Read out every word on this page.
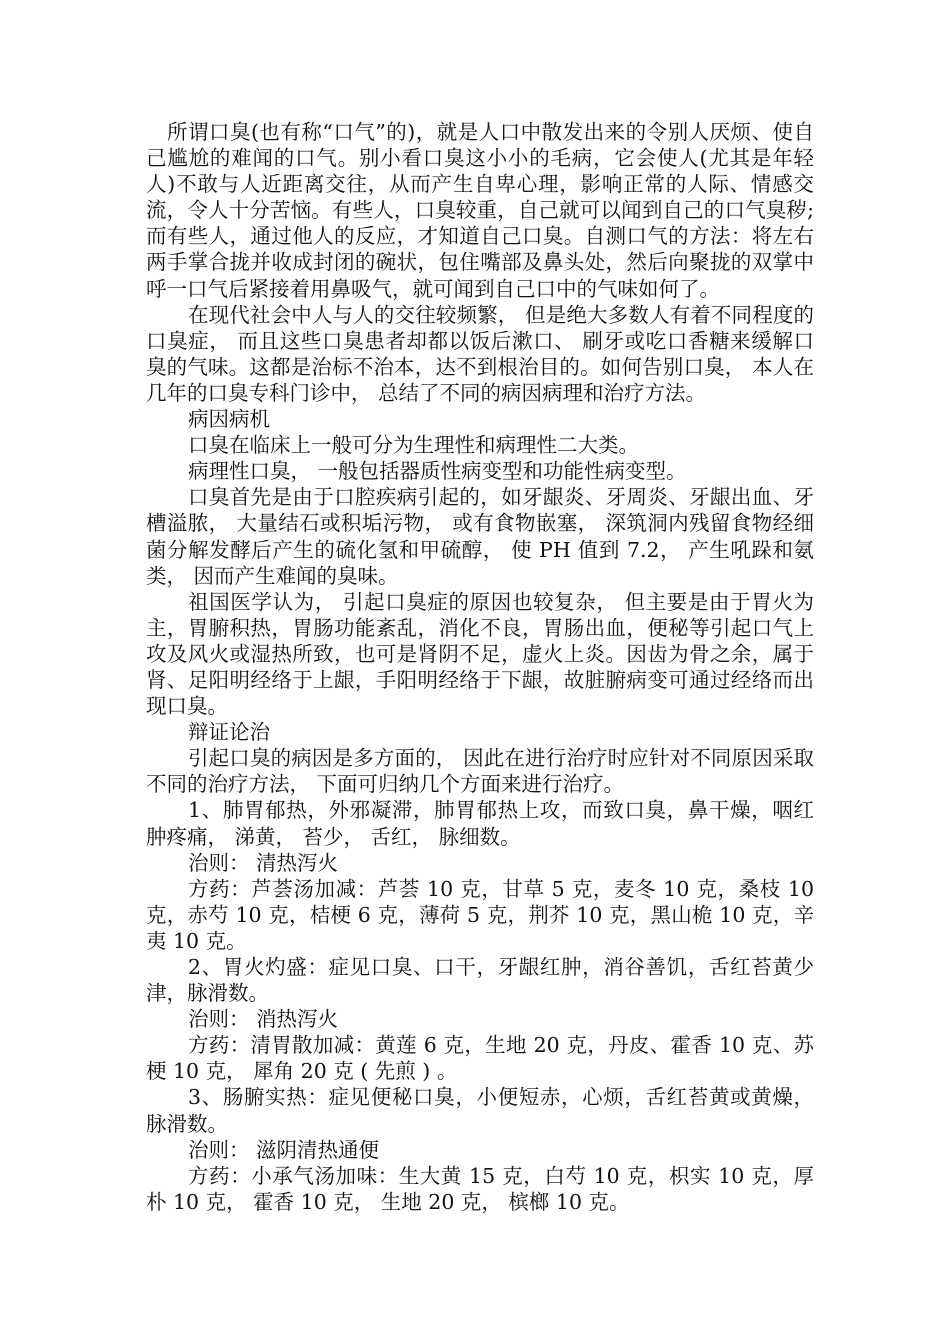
所谓口臭(也有称“口气”的)，就是人口中散发出来的令别人厌烦、使自己尴尬的难闻的口气。别小看口臭这小小的毛病，它会使人(尤其是年轻人)不敢与人近距离交往，从而产生自卑心理，影响正常的人际、情感交流，令人十分苦恼。有些人，口臭较重，自己就可以闻到自己的口气臭秽;而有些人，通过他人的反应，才知道自己口臭。自测口气的方法：将左右两手掌合拢并收成封闭的碗状，包住嘴部及鼻头处，然后向聚拢的双掌中呼一口气后紧接着用鼻吸气，就可闻到自己口中的气味如何了。

在现代社会中人与人的交往较频繁， 但是绝大多数人有着不同程度的口臭症， 而且这些口臭患者却都以饭后漱口、 刷牙或吃口香糖来缓解口臭的气味。这都是治标不治本，达不到根治目的。如何告别口臭， 本人在几年的口臭专科门诊中， 总结了不同的病因病理和治疗方法。

病因病机

口臭在临床上一般可分为生理性和病理性二大类。

病理性口臭， 一般包括器质性病变型和功能性病变型。

口臭首先是由于口腔疾病引起的，如牙龈炎、牙周炎、牙龈出血、牙槽溢脓， 大量结石或积垢污物， 或有食物嵌塞， 深筑洞内残留食物经细菌分解发酵后产生的硫化氢和甲硫醇， 使 PH 值到 7.2， 产生吼跺和氨类， 因而产生难闻的臭味。

祖国医学认为， 引起口臭症的原因也较复杂， 但主要是由于胃火为主，胃腑积热，胃肠功能紊乱，消化不良，胃肠出血，便秘等引起口气上攻及风火或湿热所致，也可是肾阴不足，虚火上炎。因齿为骨之余，属于肾、足阳明经络于上龈，手阳明经络于下龈，故脏腑病变可通过经络而出现口臭。

辩证论治

引起口臭的病因是多方面的， 因此在进行治疗时应针对不同原因采取不同的治疗方法， 下面可归纳几个方面来进行治疗。

1、肺胃郁热，外邪凝滞，肺胃郁热上攻，而致口臭，鼻干燥，咽红肿疼痛， 涕黄， 苔少， 舌红， 脉细数。

治则： 清热泻火

方药：芦荟汤加减：芦荟 10 克，甘草 5 克，麦冬 10 克，桑枝 10 克，赤芍 10 克，桔梗 6 克，薄荷 5 克，荆芥 10 克，黑山桅 10 克，辛夷 10 克。

2、胃火灼盛：症见口臭、口干，牙龈红肿，消谷善饥，舌红苔黄少津，脉滑数。

治则： 消热泻火

方药：清胃散加减：黄莲 6 克，生地 20 克，丹皮、霍香 10 克、苏梗 10 克， 犀角 20 克 ( 先煎 ) 。

3、肠腑实热：症见便秘口臭，小便短赤，心烦，舌红苔黄或黄燥，脉滑数。

治则： 滋阴清热通便

方药：小承气汤加味：生大黄 15 克，白芍 10 克，枳实 10 克，厚朴 10 克， 霍香 10 克， 生地 20 克， 槟榔 10 克。
